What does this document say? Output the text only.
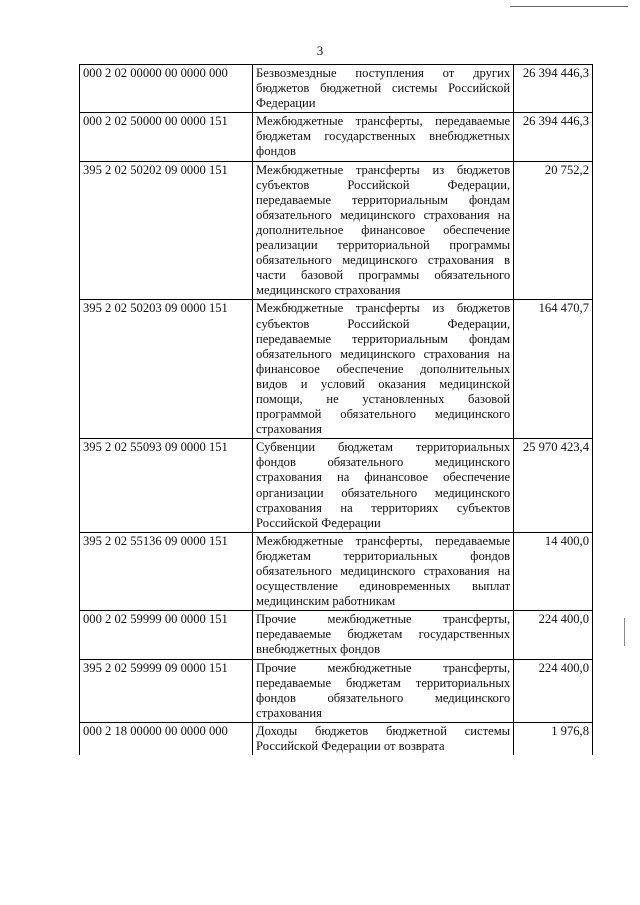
3
000 2 02 00000 00 0000 000	Безвозмездные поступления от других бюджетов бюджетной системы Российской Федерации	26 394 446,3
000 2 02 50000 00 0000 151	Межбюджетные трансферты, передаваемые бюджетам государственных внебюджетных фондов	26 394 446,3
395 2 02 50202 09 0000 151	Межбюджетные трансферты из бюджетов субъектов Российской Федерации, передаваемые территориальным фондам обязательного медицинского страхования на дополнительное финансовое обеспечение реализации территориальной программы обязательного медицинского страхования в части базовой программы обязательного медицинского страхования	20 752,2
395 2 02 50203 09 0000 151	Межбюджетные трансферты из бюджетов субъектов Российской Федерации, передаваемые территориальным фондам обязательного медицинского страхования на финансовое обеспечение дополнительных видов и условий оказания медицинской помощи, не установленных базовой программой обязательного медицинского страхования	164 470,7
395 2 02 55093 09 0000 151	Субвенции бюджетам территориальных фондов обязательного медицинского страхования на финансовое обеспечение организации обязательного медицинского страхования на территориях субъектов Российской Федерации	25 970 423,4
395 2 02 55136 09 0000 151	Межбюджетные трансферты, передаваемые бюджетам территориальных фондов обязательного медицинского страхования на осуществление единовременных выплат медицинским работникам	14 400,0
000 2 02 59999 00 0000 151	Прочие межбюджетные трансферты, передаваемые бюджетам государственных внебюджетных фондов	224 400,0
395 2 02 59999 09 0000 151	Прочие межбюджетные трансферты, передаваемые бюджетам территориальных фондов обязательного медицинского страхования	224 400,0
000 2 18 00000 00 0000 000	Доходы бюджетов бюджетной системы Российской Федерации от возврата	1 976,8
